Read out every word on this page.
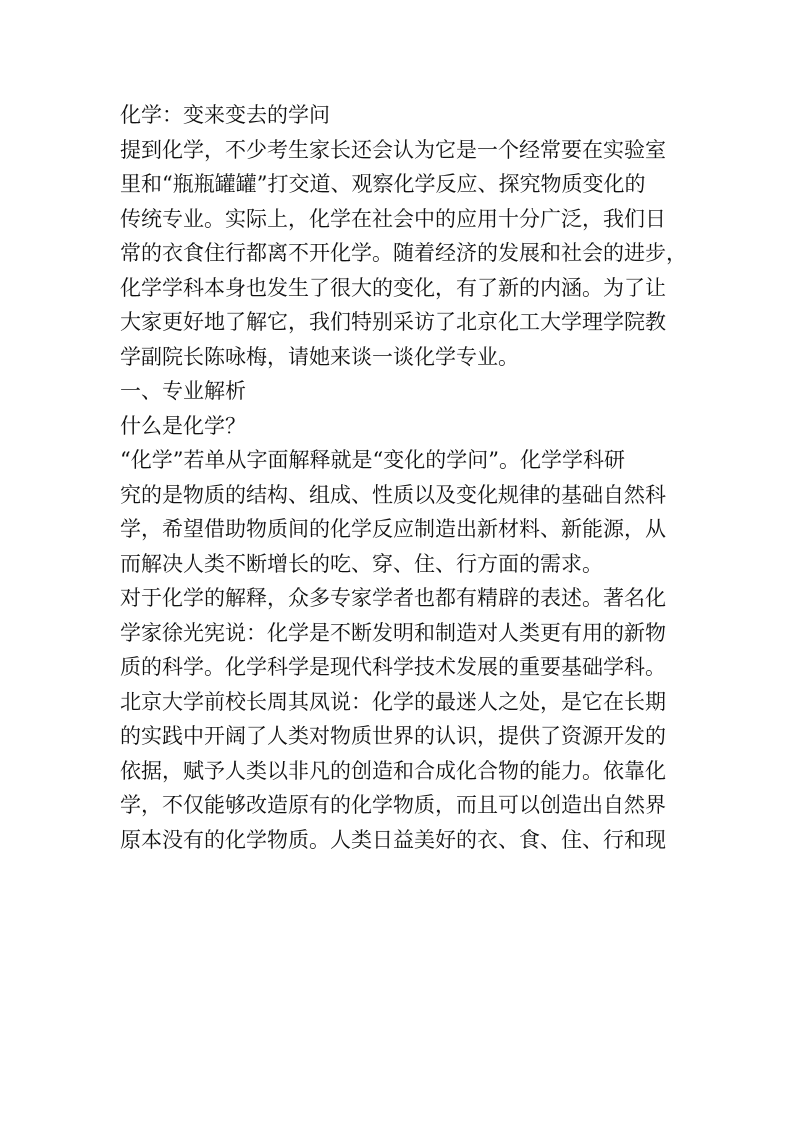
化学：变来变去的学问

提到化学，不少考生家长还会认为它是一个经常要在实验室

里和“瓶瓶罐罐”打交道、观察化学反应、探究物质变化的

传统专业。实际上，化学在社会中的应用十分广泛，我们日

常的衣食住行都离不开化学。随着经济的发展和社会的进步，

化学学科本身也发生了很大的变化，有了新的内涵。为了让

大家更好地了解它，我们特别采访了北京化工大学理学院教

学副院长陈咏梅，请她来谈一谈化学专业。

一、专业解析

什么是化学？

“化学”若单从字面解释就是“变化的学问”。化学学科研

究的是物质的结构、组成、性质以及变化规律的基础自然科

学，希望借助物质间的化学反应制造出新材料、新能源，从

而解决人类不断增长的吃、穿、住、行方面的需求。

对于化学的解释，众多专家学者也都有精辟的表述。著名化

学家徐光宪说：化学是不断发明和制造对人类更有用的新物

质的科学。化学科学是现代科学技术发展的重要基础学科。

北京大学前校长周其凤说：化学的最迷人之处，是它在长期

的实践中开阔了人类对物质世界的认识，提供了资源开发的

依据，赋予人类以非凡的创造和合成化合物的能力。依靠化

学，不仅能够改造原有的化学物质，而且可以创造出自然界

原本没有的化学物质。人类日益美好的衣、食、住、行和现
